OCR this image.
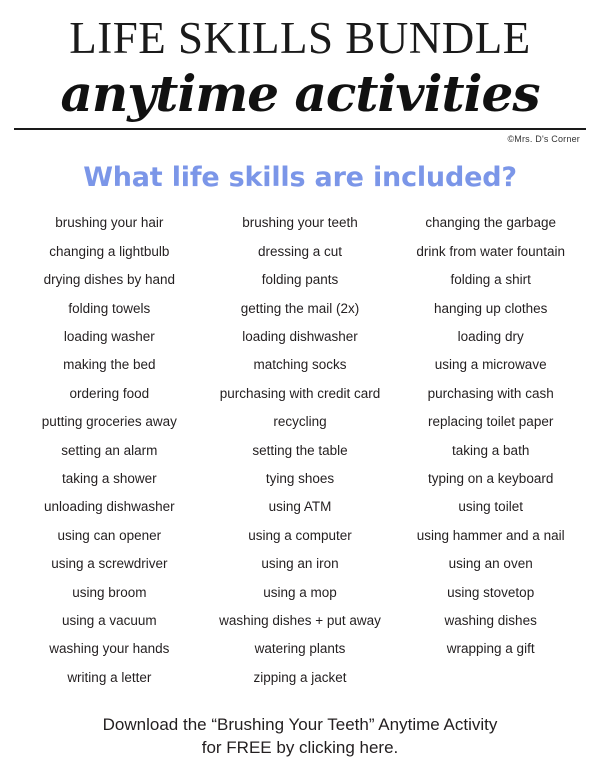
LIFE SKILLS BUNDLE
anytime activities
©Mrs. D's Corner
What life skills are included?
brushing your hair
changing a lightbulb
drying dishes by hand
folding towels
loading washer
making the bed
ordering food
putting groceries away
setting an alarm
taking a shower
unloading dishwasher
using can opener
using a screwdriver
using broom
using a vacuum
washing your hands
writing a letter
brushing your teeth
dressing a cut
folding pants
getting the mail (2x)
loading dishwasher
matching socks
purchasing with credit card
recycling
setting the table
tying shoes
using ATM
using a computer
using an iron
using a mop
washing dishes + put away
watering plants
zipping a jacket
changing the garbage
drink from water fountain
folding a shirt
hanging up clothes
loading dry
using a microwave
purchasing with cash
replacing toilet paper
taking a bath
typing on a keyboard
using toilet
using hammer and a nail
using an oven
using stovetop
washing dishes
wrapping a gift
Download the “Brushing Your Teeth” Anytime Activity
for FREE by clicking here.
